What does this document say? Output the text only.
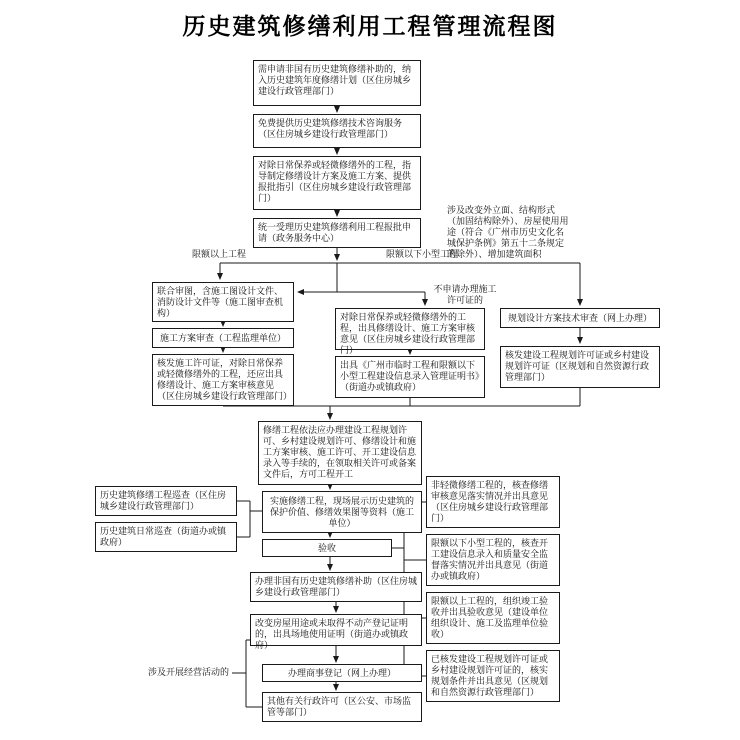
历史建筑修缮利用工程管理流程图
需申请非国有历史建筑修缮补助的，纳入历史建筑年度修缮计划（区住房城乡建设行政管理部门）
免费提供历史建筑修缮技术咨询服务（区住房城乡建设行政管理部门）
对除日常保养或轻微修缮外的工程，指导制定修缮设计方案及施工方案、提供报批指引（区住房城乡建设行政管理部门）
统一受理历史建筑修缮利用工程报批申请（政务服务中心）
限额以上工程	限额以下小型工程
不申请办理施工许可证的
涉及改变外立面、结构形式（加固结构除外）、房屋使用用途（符合《广州市历史文化名城保护条例》第五十二条规定的除外）、增加建筑面积
联合审图，含施工图设计文件、消防设计文件等（施工图审查机构）
施工方案审查（工程监理单位）
核发施工许可证，对除日常保养或轻微修缮外的工程，还应出具修缮设计、施工方案审核意见（区住房城乡建设行政管理部门）
对除日常保养或轻微修缮外的工程，出具修缮设计、施工方案审核意见（区住房城乡建设行政管理部门）
出具《广州市临时工程和限额以下小型工程建设信息录入管理证明书》（街道办或镇政府）
规划设计方案技术审查（网上办理）
核发建设工程规划许可证或乡村建设规划许可证（区规划和自然资源行政管理部门）
修缮工程依法应办理建设工程规划许可、乡村建设规划许可、修缮设计和施工方案审核、施工许可、开工建设信息录入等手续的，在领取相关许可或备案文件后，方可工程开工
实施修缮工程，现场展示历史建筑的保护价值、修缮效果图等资料（施工单位）
验收
历史建筑修缮工程巡查（区住房城乡建设行政管理部门）
历史建筑日常巡查（街道办或镇政府）
非轻微修缮工程的，核查修缮审核意见落实情况并出具意见（区住房城乡建设行政管理部门）
限额以下小型工程的，核查开工建设信息录入和质量安全监督落实情况并出具意见（街道办或镇政府）
限额以上工程的，组织竣工验收并出具验收意见（建设单位组织设计、施工及监理单位验收）
已核发建设工程规划许可证或乡村建设规划许可证的，核实规划条件并出具意见（区规划和自然资源行政管理部门）
办理非国有历史建筑修缮补助（区住房城乡建设行政管理部门）
改变房屋用途或未取得不动产登记证明的，出具场地使用证明（街道办或镇政府）
涉及开展经营活动的	办理商事登记（网上办理）
其他有关行政许可（区公安、市场监管等部门）
